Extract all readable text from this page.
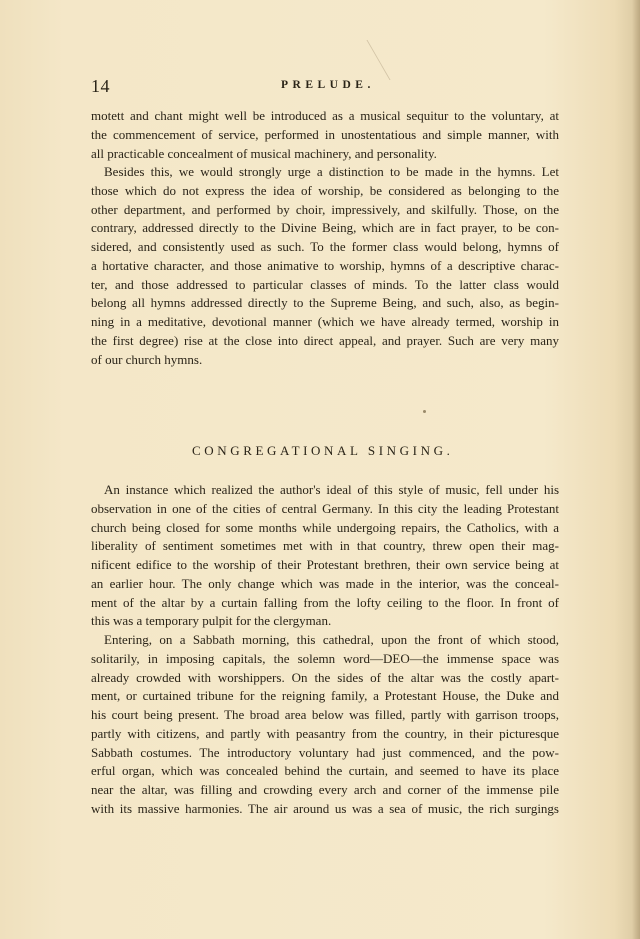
14	PRELUDE.
motett and chant might well be introduced as a musical sequitur to the voluntary, at
the commencement of service, performed in unostentatious and simple manner, with
all practicable concealment of musical machinery, and personality.
Besides this, we would strongly urge a distinction to be made in the hymns. Let
those which do not express the idea of worship, be considered as belonging to the
other department, and performed by choir, impressively, and skilfully. Those, on the
contrary, addressed directly to the Divine Being, which are in fact prayer, to be con-
sidered, and consistently used as such. To the former class would belong, hymns of
a hortative character, and those animative to worship, hymns of a descriptive charac-
ter, and those addressed to particular classes of minds. To the latter class would
belong all hymns addressed directly to the Supreme Being, and such, also, as begin-
ning in a meditative, devotional manner (which we have already termed, worship in
the first degree) rise at the close into direct appeal, and prayer. Such are very many
of our church hymns.
CONGREGATIONAL SINGING.
An instance which realized the author's ideal of this style of music, fell under his
observation in one of the cities of central Germany. In this city the leading Protestant
church being closed for some months while undergoing repairs, the Catholics, with a
liberality of sentiment sometimes met with in that country, threw open their mag-
nificent edifice to the worship of their Protestant brethren, their own service being at
an earlier hour. The only change which was made in the interior, was the conceal-
ment of the altar by a curtain falling from the lofty ceiling to the floor. In front of
this was a temporary pulpit for the clergyman.
Entering, on a Sabbath morning, this cathedral, upon the front of which stood,
solitarily, in imposing capitals, the solemn word—DEO—the immense space was
already crowded with worshippers. On the sides of the altar was the costly apart-
ment, or curtained tribune for the reigning family, a Protestant House, the Duke and
his court being present. The broad area below was filled, partly with garrison troops,
partly with citizens, and partly with peasantry from the country, in their picturesque
Sabbath costumes. The introductory voluntary had just commenced, and the pow-
erful organ, which was concealed behind the curtain, and seemed to have its place
near the altar, was filling and crowding every arch and corner of the immense pile
with its massive harmonies. The air around us was a sea of music, the rich surgings
